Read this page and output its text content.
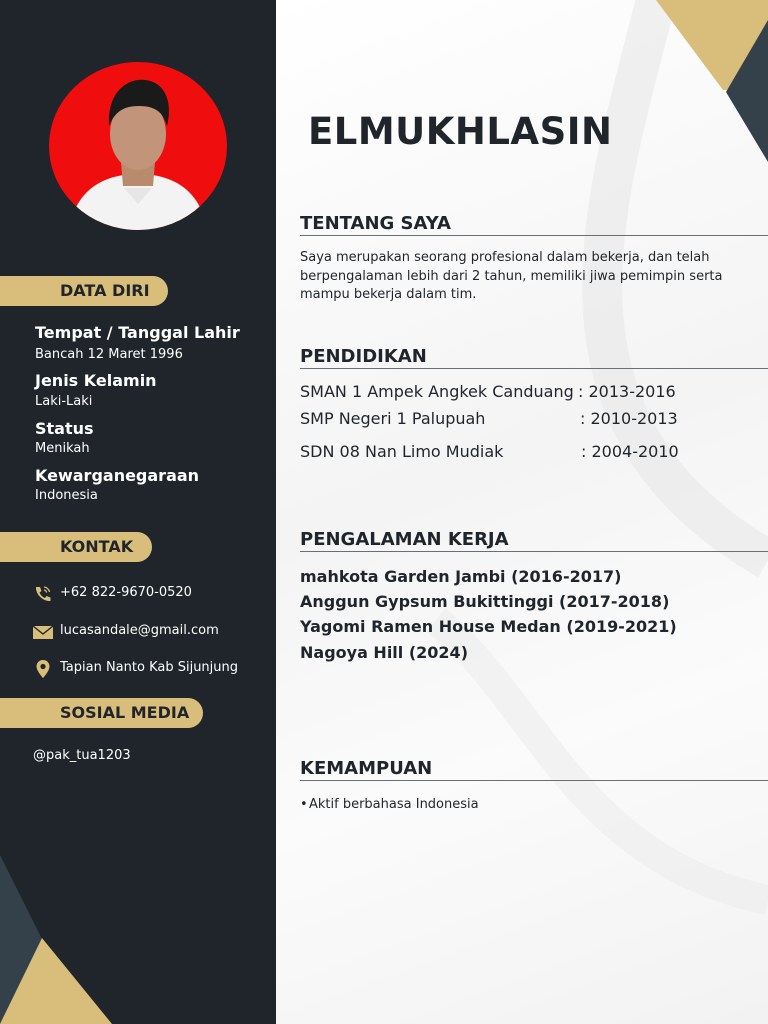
DATA DIRI
Tempat / Tanggal Lahir
Bancah 12 Maret 1996
Jenis Kelamin
Laki-Laki
Status
Menikah
Kewarganegaraan
Indonesia
KONTAK
+62 822-9670-0520
lucasandale@gmail.com
Tapian Nanto Kab Sijunjung
SOSIAL MEDIA
@pak_tua1203
ELMUKHLASIN
TENTANG SAYA
Saya merupakan seorang profesional dalam bekerja, dan telah berpengalaman lebih dari 2 tahun, memiliki jiwa pemimpin serta mampu bekerja dalam tim.
PENDIDIKAN
SMAN 1 Ampek Angkek Canduang : 2013-2016
SMP Negeri 1 Palupuah	: 2010-2013
SDN 08 Nan Limo Mudiak	: 2004-2010
PENGALAMAN KERJA
mahkota Garden Jambi (2016-2017)
Anggun Gypsum Bukittinggi (2017-2018)
Yagomi Ramen House Medan (2019-2021)
Nagoya Hill (2024)
KEMAMPUAN
• Aktif berbahasa Indonesia
